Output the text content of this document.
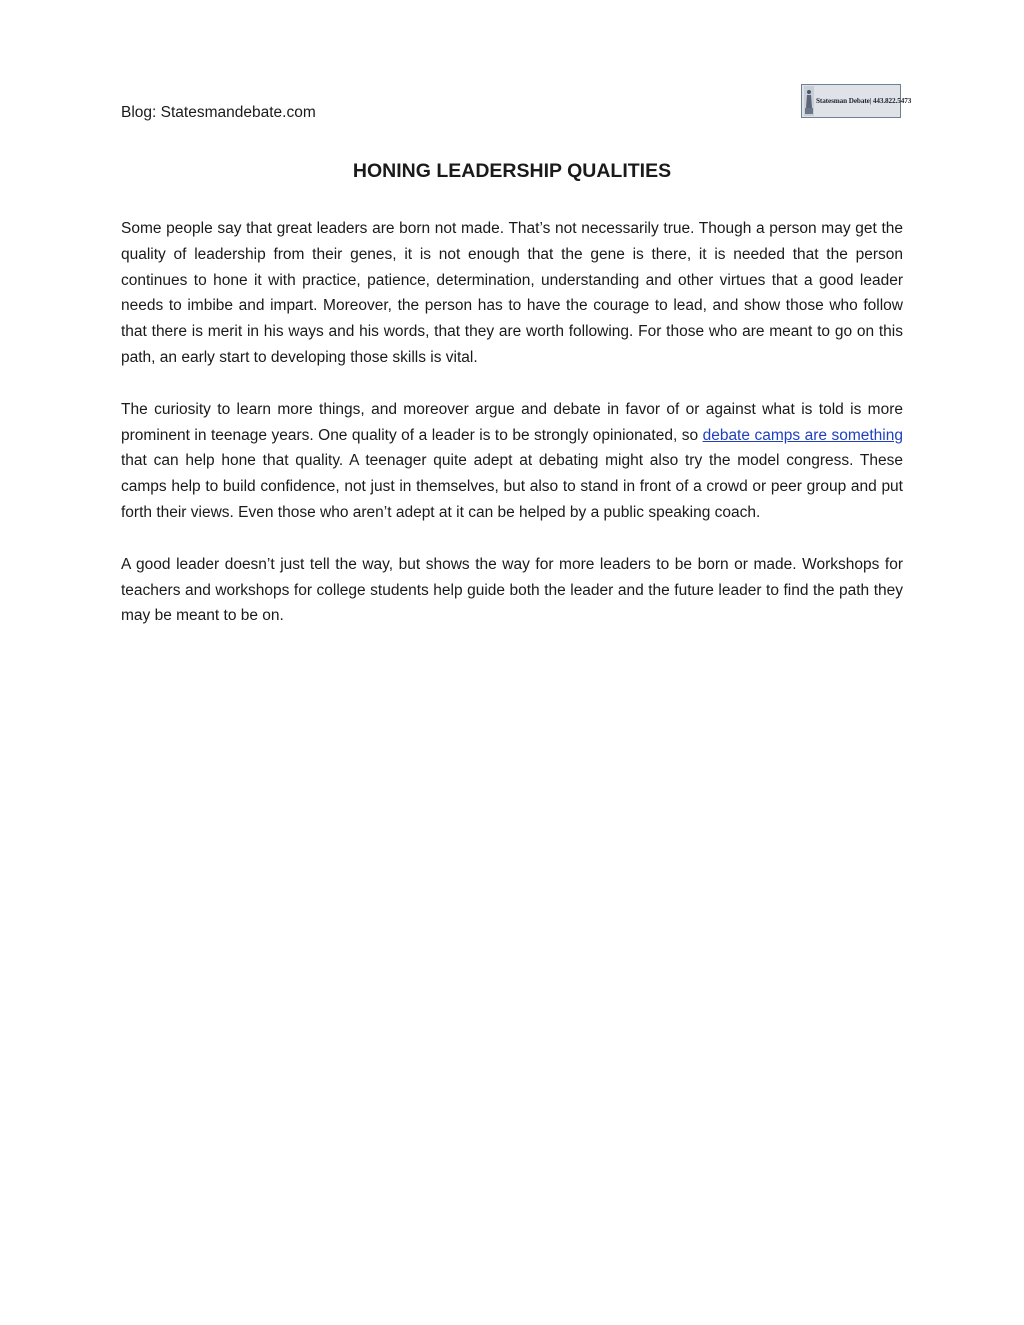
Blog: Statesmandebate.com
Statesman Debate| 443.822.5473
HONING LEADERSHIP QUALITIES

Some people say that great leaders are born not made. That’s not necessarily true. Though a person may get the quality of leadership from their genes, it is not enough that the gene is there, it is needed that the person continues to hone it with practice, patience, determination, understanding and other virtues that a good leader needs to imbibe and impart. Moreover, the person has to have the courage to lead, and show those who follow that there is merit in his ways and his words, that they are worth following. For those who are meant to go on this path, an early start to developing those skills is vital.

The curiosity to learn more things, and moreover argue and debate in favor of or against what is told is more prominent in teenage years. One quality of a leader is to be strongly opinionated, so debate camps are something that can help hone that quality. A teenager quite adept at debating might also try the model congress. These camps help to build confidence, not just in themselves, but also to stand in front of a crowd or peer group and put forth their views. Even those who aren’t adept at it can be helped by a public speaking coach.

A good leader doesn’t just tell the way, but shows the way for more leaders to be born or made. Workshops for teachers and workshops for college students help guide both the leader and the future leader to find the path they may be meant to be on.
